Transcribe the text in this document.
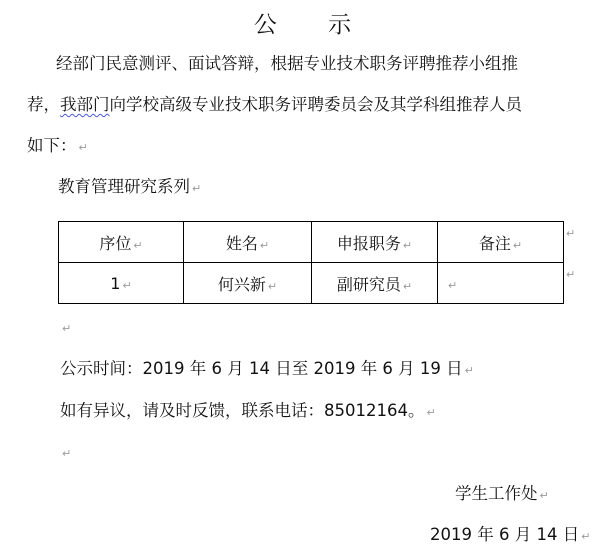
公 示
经部门民意测评、面试答辩，根据专业技术职务评聘推荐小组推
荐，我部门向学校高级专业技术职务评聘委员会及其学科组推荐人员
如下： ↵
教育管理研究系列 ↵
序位 ↵	姓名 ↵	申报职务 ↵	备注 ↵
1 ↵	何兴新 ↵	副研究员 ↵	↵
↵
↵
↵
公示时间：2019 年 6 月 14 日至 2019 年 6 月 19 日 ↵
如有异议，请及时反馈，联系电话：85012164。 ↵
↵
学生工作处 ↵
2019 年 6 月 14 日 ↵
